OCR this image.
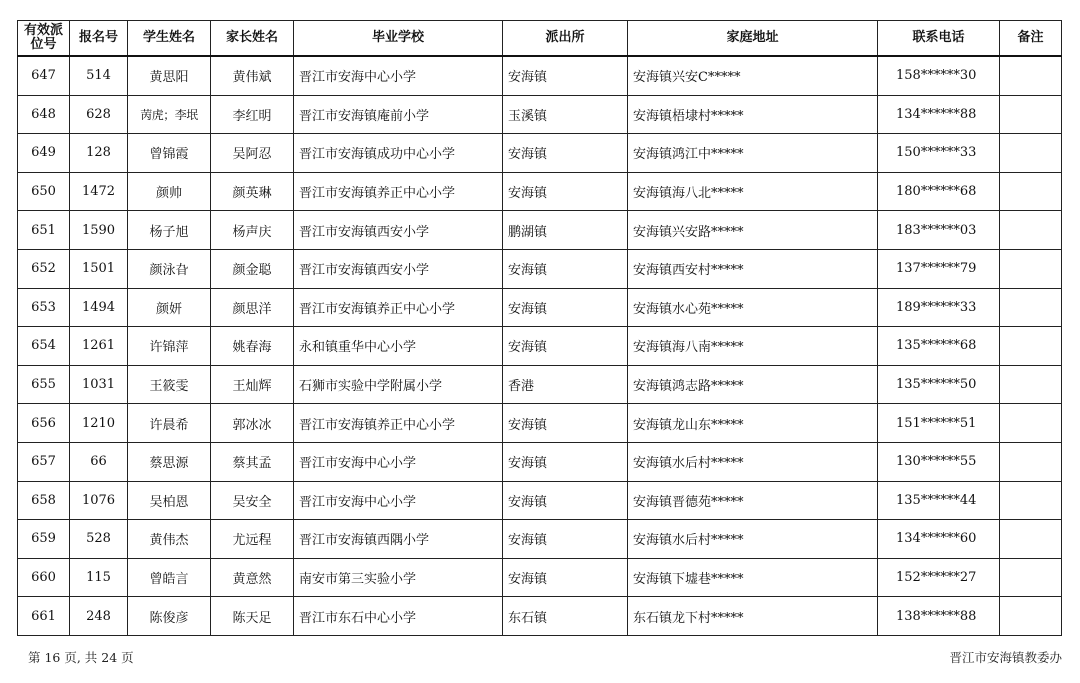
有效派位号	报名号	学生姓名	家长姓名	毕业学校	派出所	家庭地址	联系电话	备注
647	514	黄思阳	黄伟斌	晋江市安海中心小学	安海镇	安海镇兴安C*****	158******30	
648	628	苪虎；李垊	李红明	晋江市安海镇庵前小学	玉溪镇	安海镇梧埭村*****	134******88	
649	128	曾锦霞	吴阿忍	晋江市安海镇成功中心小学	安海镇	安海镇鸿江中*****	150******33	
650	1472	颜帅	颜英琳	晋江市安海镇养正中心小学	安海镇	安海镇海八北*****	180******68	
651	1590	杨子旭	杨声庆	晋江市安海镇西安小学	鹏湖镇	安海镇兴安路*****	183******03	
652	1501	颜泳旮	颜金聪	晋江市安海镇西安小学	安海镇	安海镇西安村*****	137******79	
653	1494	颜妍	颜思洋	晋江市安海镇养正中心小学	安海镇	安海镇水心苑*****	189******33	
654	1261	许锦萍	姚春海	永和镇重华中心小学	安海镇	安海镇海八南*****	135******68	
655	1031	王筱雯	王灿辉	石狮市实验中学附属小学	香港	安海镇鸿志路*****	135******50	
656	1210	许晨希	郭冰冰	晋江市安海镇养正中心小学	安海镇	安海镇龙山东*****	151******51	
657	66	蔡思源	蔡其孟	晋江市安海中心小学	安海镇	安海镇水后村*****	130******55	
658	1076	吴柏恩	吴安全	晋江市安海中心小学	安海镇	安海镇晋德苑*****	135******44	
659	528	黄伟杰	尤远程	晋江市安海镇西隅小学	安海镇	安海镇水后村*****	134******60	
660	115	曾皓言	黄意然	南安市第三实验小学	安海镇	安海镇下墟巷*****	152******27	
661	248	陈俊彦	陈天足	晋江市东石中心小学	东石镇	东石镇龙下村*****	138******88	
第 16 页, 共 24 页	晋江市安海镇教委办
